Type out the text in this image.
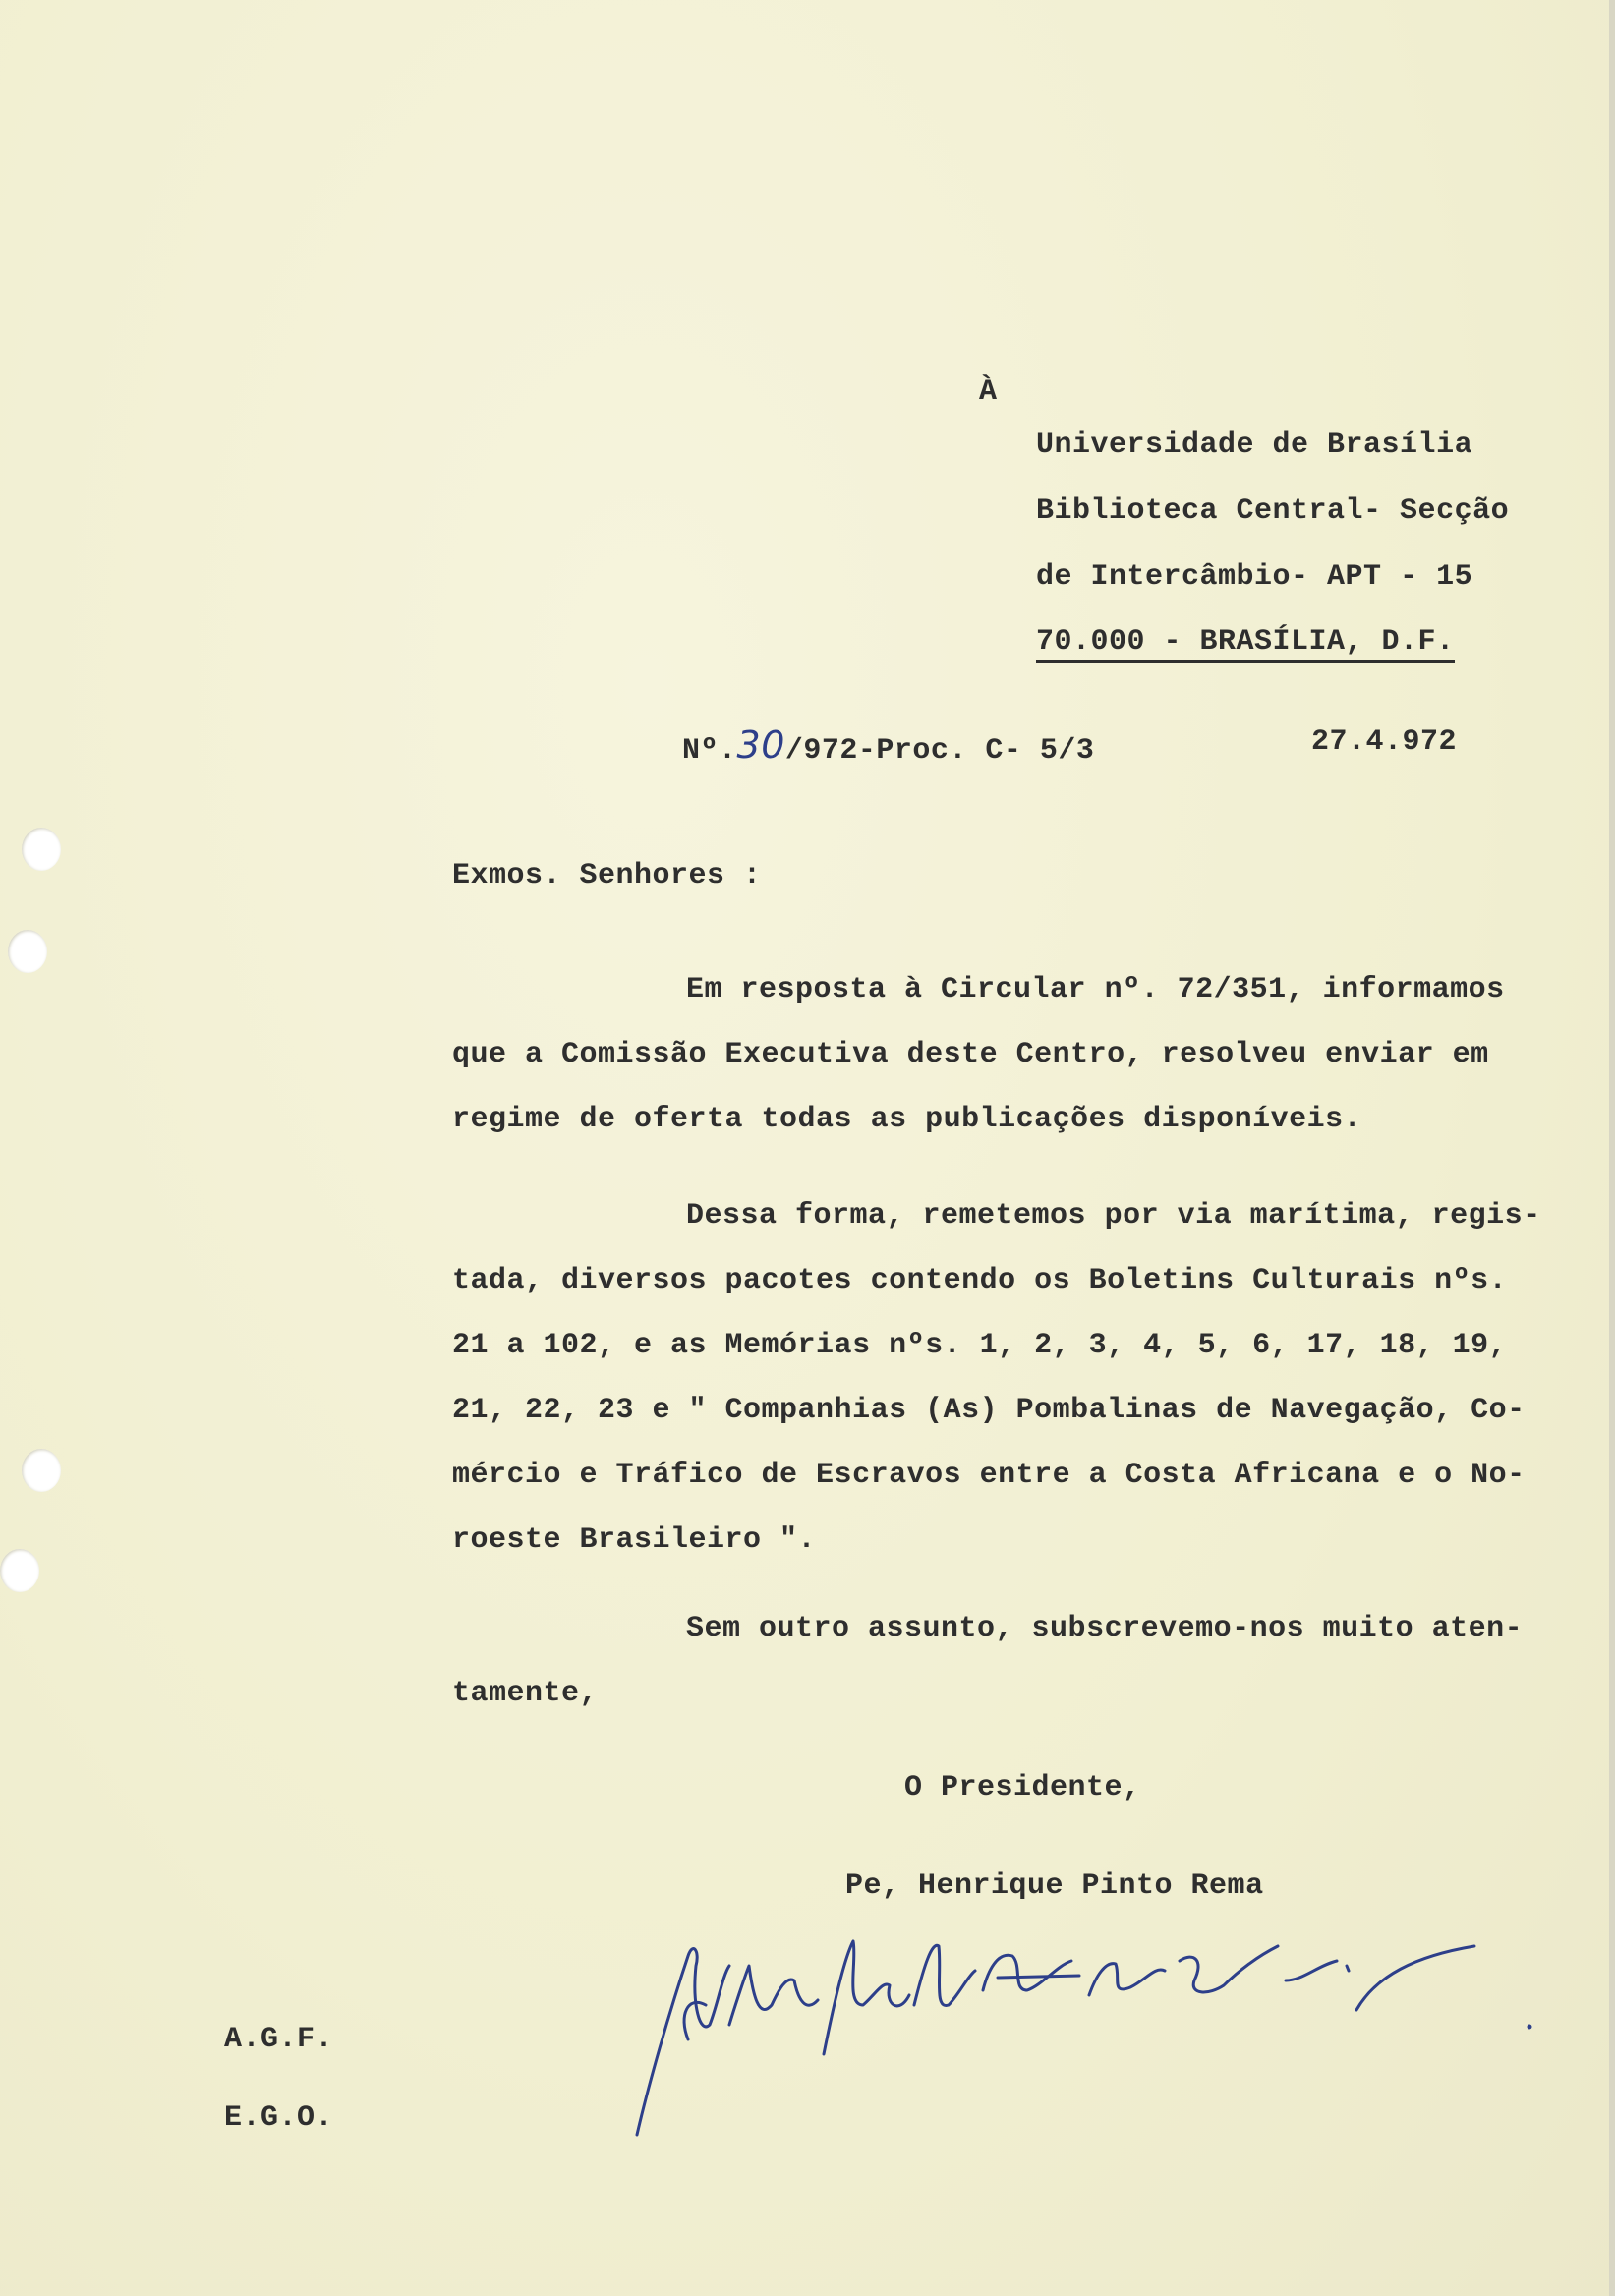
À
Universidade de Brasília
Biblioteca Central- Secção
de Intercâmbio- APT - 15
70.000 - BRASÍLIA, D.F.
Nº.30/972-Proc. C- 5/3	27.4.972
Exmos. Senhores :
Em resposta à Circular nº. 72/351, informamos
que a Comissão Executiva deste Centro, resolveu enviar em
regime de oferta todas as publicações disponíveis.
Dessa forma, remetemos por via marítima, regis-
tada, diversos pacotes contendo os Boletins Culturais nºs.
21 a 102, e as Memórias nºs. 1, 2, 3, 4, 5, 6, 17, 18, 19,
21, 22, 23 e " Companhias (As) Pombalinas de Navegação, Co-
mércio e Tráfico de Escravos entre a Costa Africana e o No-
roeste Brasileiro ".
Sem outro assunto, subscrevemo-nos muito aten-
tamente,
O Presidente,
Pe, Henrique Pinto Rema
A.G.F.
E.G.O.
